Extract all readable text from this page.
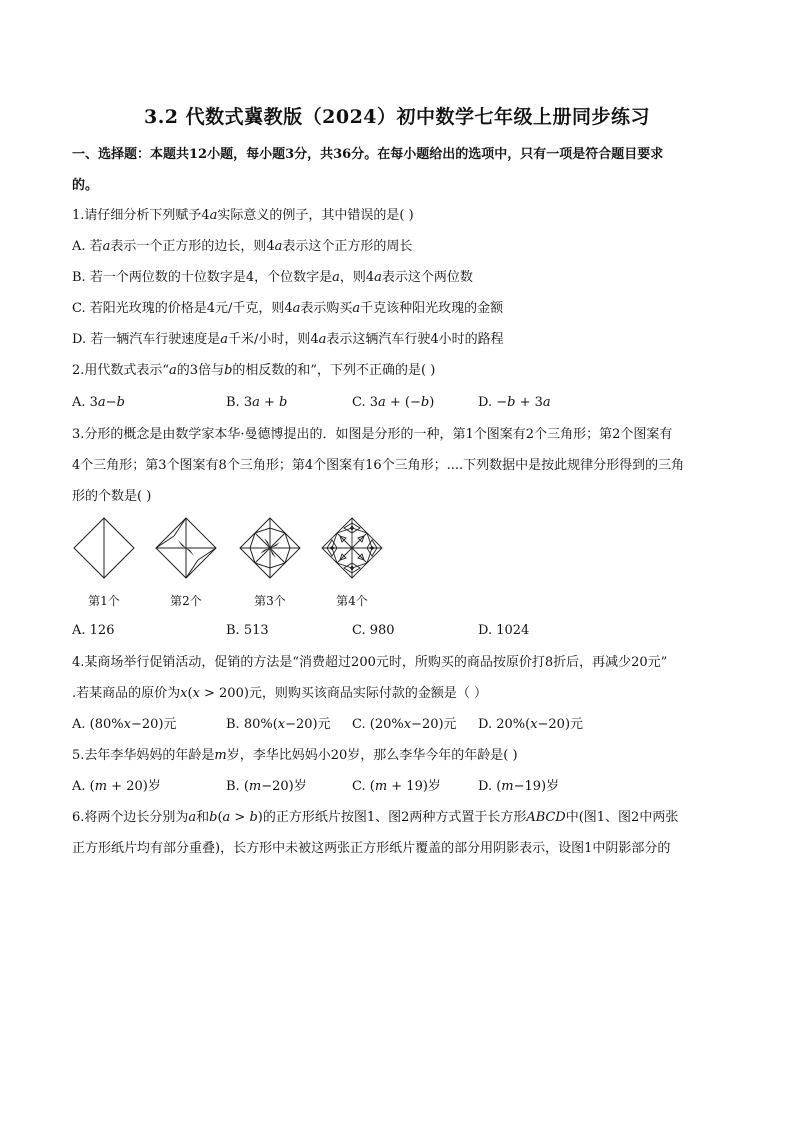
3.2 代数式冀教版（2024）初中数学七年级上册同步练习
一、选择题：本题共12小题，每小题3分，共36分。在每小题给出的选项中，只有一项是符合题目要求
的。
1.请仔细分析下列赋予4𝑎实际意义的例子，其中错误的是( )
A. 若𝑎表示一个正方形的边长，则4𝑎表示这个正方形的周长
B. 若一个两位数的十位数字是4，个位数字是𝑎，则4𝑎表示这个两位数
C. 若阳光玫瑰的价格是4元/千克，则4𝑎表示购买𝑎千克该种阳光玫瑰的金额
D. 若一辆汽车行驶速度是𝑎千米/小时，则4𝑎表示这辆汽车行驶4小时的路程
2.用代数式表示“𝑎的3倍与𝑏的相反数的和”，下列不正确的是( )
A. 3𝑎−𝑏	B. 3𝑎 + 𝑏	C. 3𝑎 + (−𝑏)	D. −𝑏 + 3𝑎
3.分形的概念是由数学家本华·曼德博提出的．如图是分形的一种，第1个图案有2个三角形；第2个图案有
4个三角形；第3个图案有8个三角形；第4个图案有16个三角形；....下列数据中是按此规律分形得到的三角
形的个数是( )
第1个	第2个	第3个	第4个
A. 126	B. 513	C. 980	D. 1024
4.某商场举行促销活动，促销的方法是“消费超过200元时，所购买的商品按原价打8折后，再减少20元”
.若某商品的原价为𝑥(𝑥 > 200)元，则购买该商品实际付款的金额是（ ）
A. (80%𝑥−20)元	B. 80%(𝑥−20)元 C. (20%𝑥−20)元 D. 20%(𝑥−20)元
5.去年李华妈妈的年龄是𝑚岁，李华比妈妈小20岁，那么李华今年的年龄是( )
A. (𝑚 + 20)岁	B. (𝑚−20)岁	C. (𝑚 + 19)岁	D. (𝑚−19)岁
6.将两个边长分别为𝑎和𝑏(𝑎 > 𝑏)的正方形纸片按图1、图2两种方式置于长方形𝐴𝐵𝐶𝐷中(图1、图2中两张
正方形纸片均有部分重叠)，长方形中未被这两张正方形纸片覆盖的部分用阴影表示，设图1中阴影部分的
